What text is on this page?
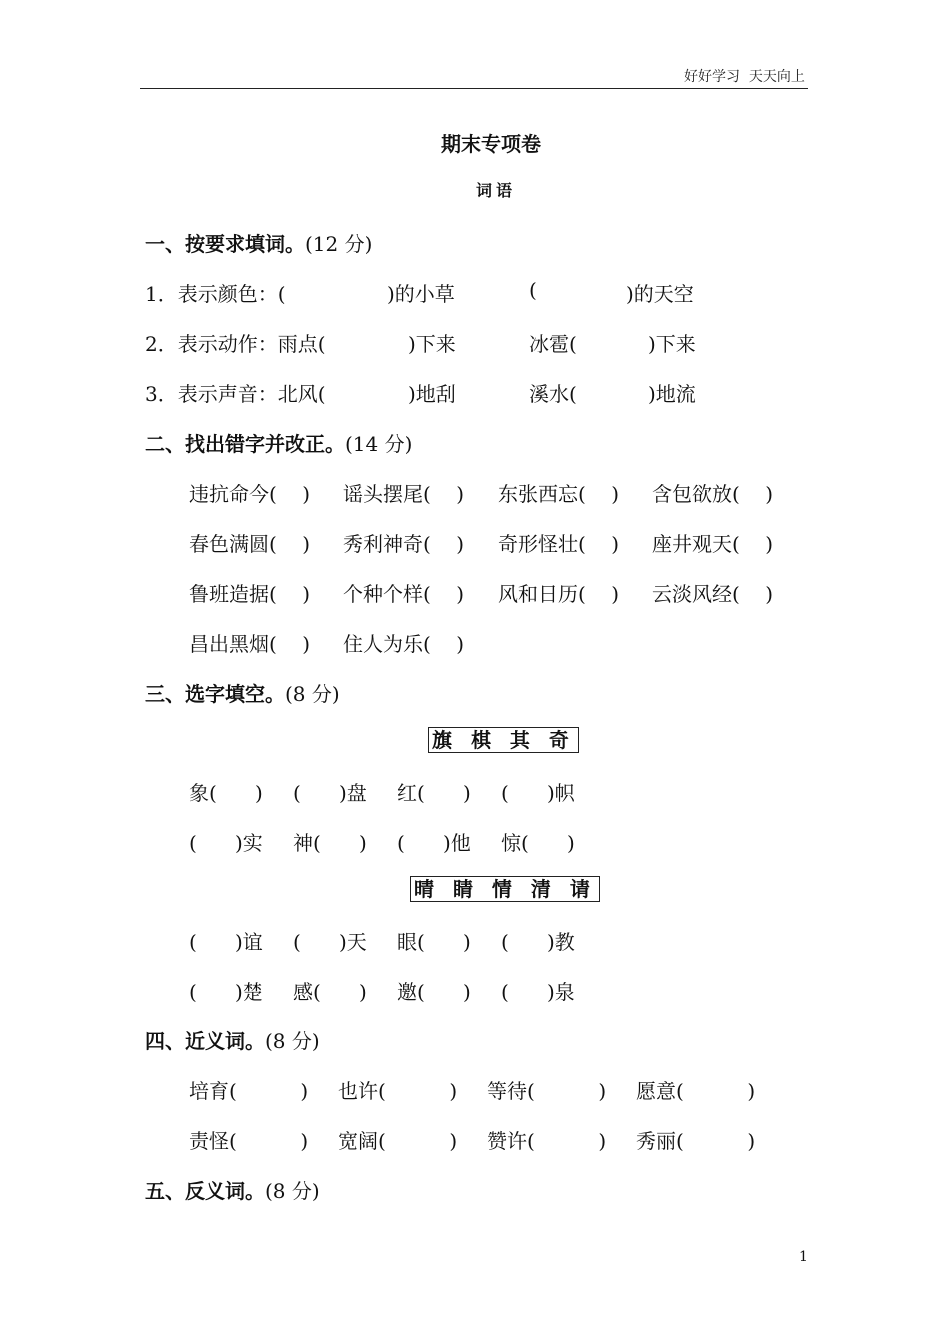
好好学习  天天向上
期末专项卷
词语
一、按要求填词。(12 分)
1．表示颜色：(	)的小草	(	)的天空
2．表示动作：雨点(	)下来	冰雹(	)下来
3．表示声音：北风(	)地刮	溪水(	)地流
二、找出错字并改正。(14 分)
违抗命今(    ) 谣头摆尾(    ) 东张西忘(    ) 含包欲放(    )
春色满圆(    ) 秀利神奇(    ) 奇形怪壮(    ) 座井观天(    )
鲁班造据(    ) 个种个样(    ) 风和日历(    ) 云淡风经(    )
昌出黑烟(    ) 住人为乐(    )
三、选字填空。(8 分)
旗 棋 其 奇
象(      ) (      )盘 红(      ) (      )帜
(      )实 神(      ) (      )他 惊(      )
晴 睛 情 清 请
(      )谊 (      )天 眼(      ) (      )教
(      )楚 感(      ) 邀(      ) (      )泉
四、近义词。(8 分)
培育(          ) 也许(          ) 等待(          ) 愿意(          )
责怪(          ) 宽阔(          ) 赞许(          ) 秀丽(          )
五、反义词。(8 分)
1
